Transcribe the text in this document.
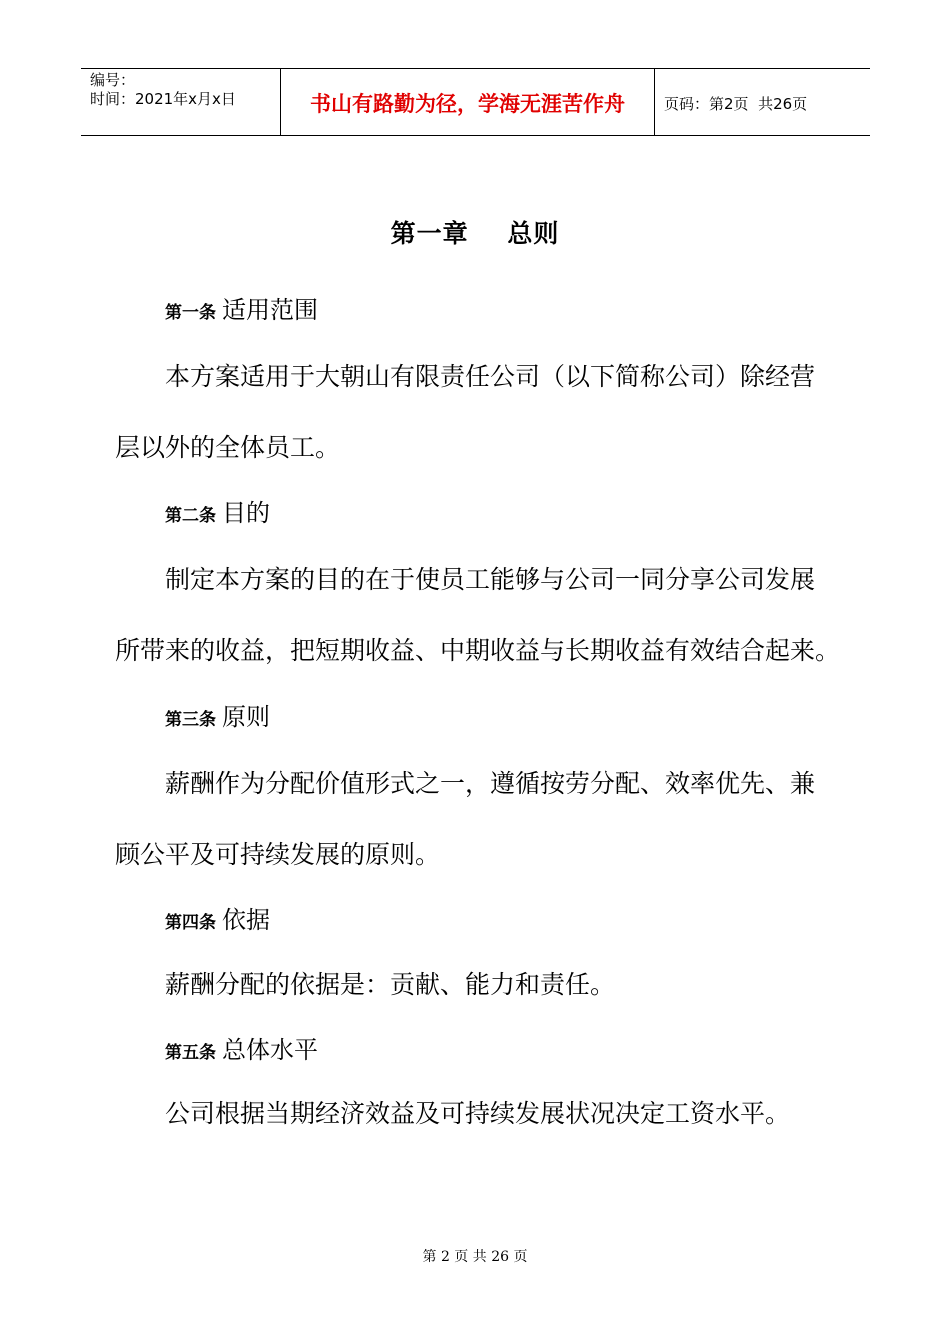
编号：
时间：2021年x月x日	书山有路勤为径，学海无涯苦作舟	页码：第2页  共26页
第一章    总则
第一条 适用范围
本方案适用于大朝山有限责任公司（以下简称公司）除经营
层以外的全体员工。
第二条 目的
制定本方案的目的在于使员工能够与公司一同分享公司发展
所带来的收益，把短期收益、中期收益与长期收益有效结合起来。
第三条 原则
薪酬作为分配价值形式之一，遵循按劳分配、效率优先、兼
顾公平及可持续发展的原则。
第四条 依据
薪酬分配的依据是：贡献、能力和责任。
第五条 总体水平
公司根据当期经济效益及可持续发展状况决定工资水平。
第 2 页 共 26 页
